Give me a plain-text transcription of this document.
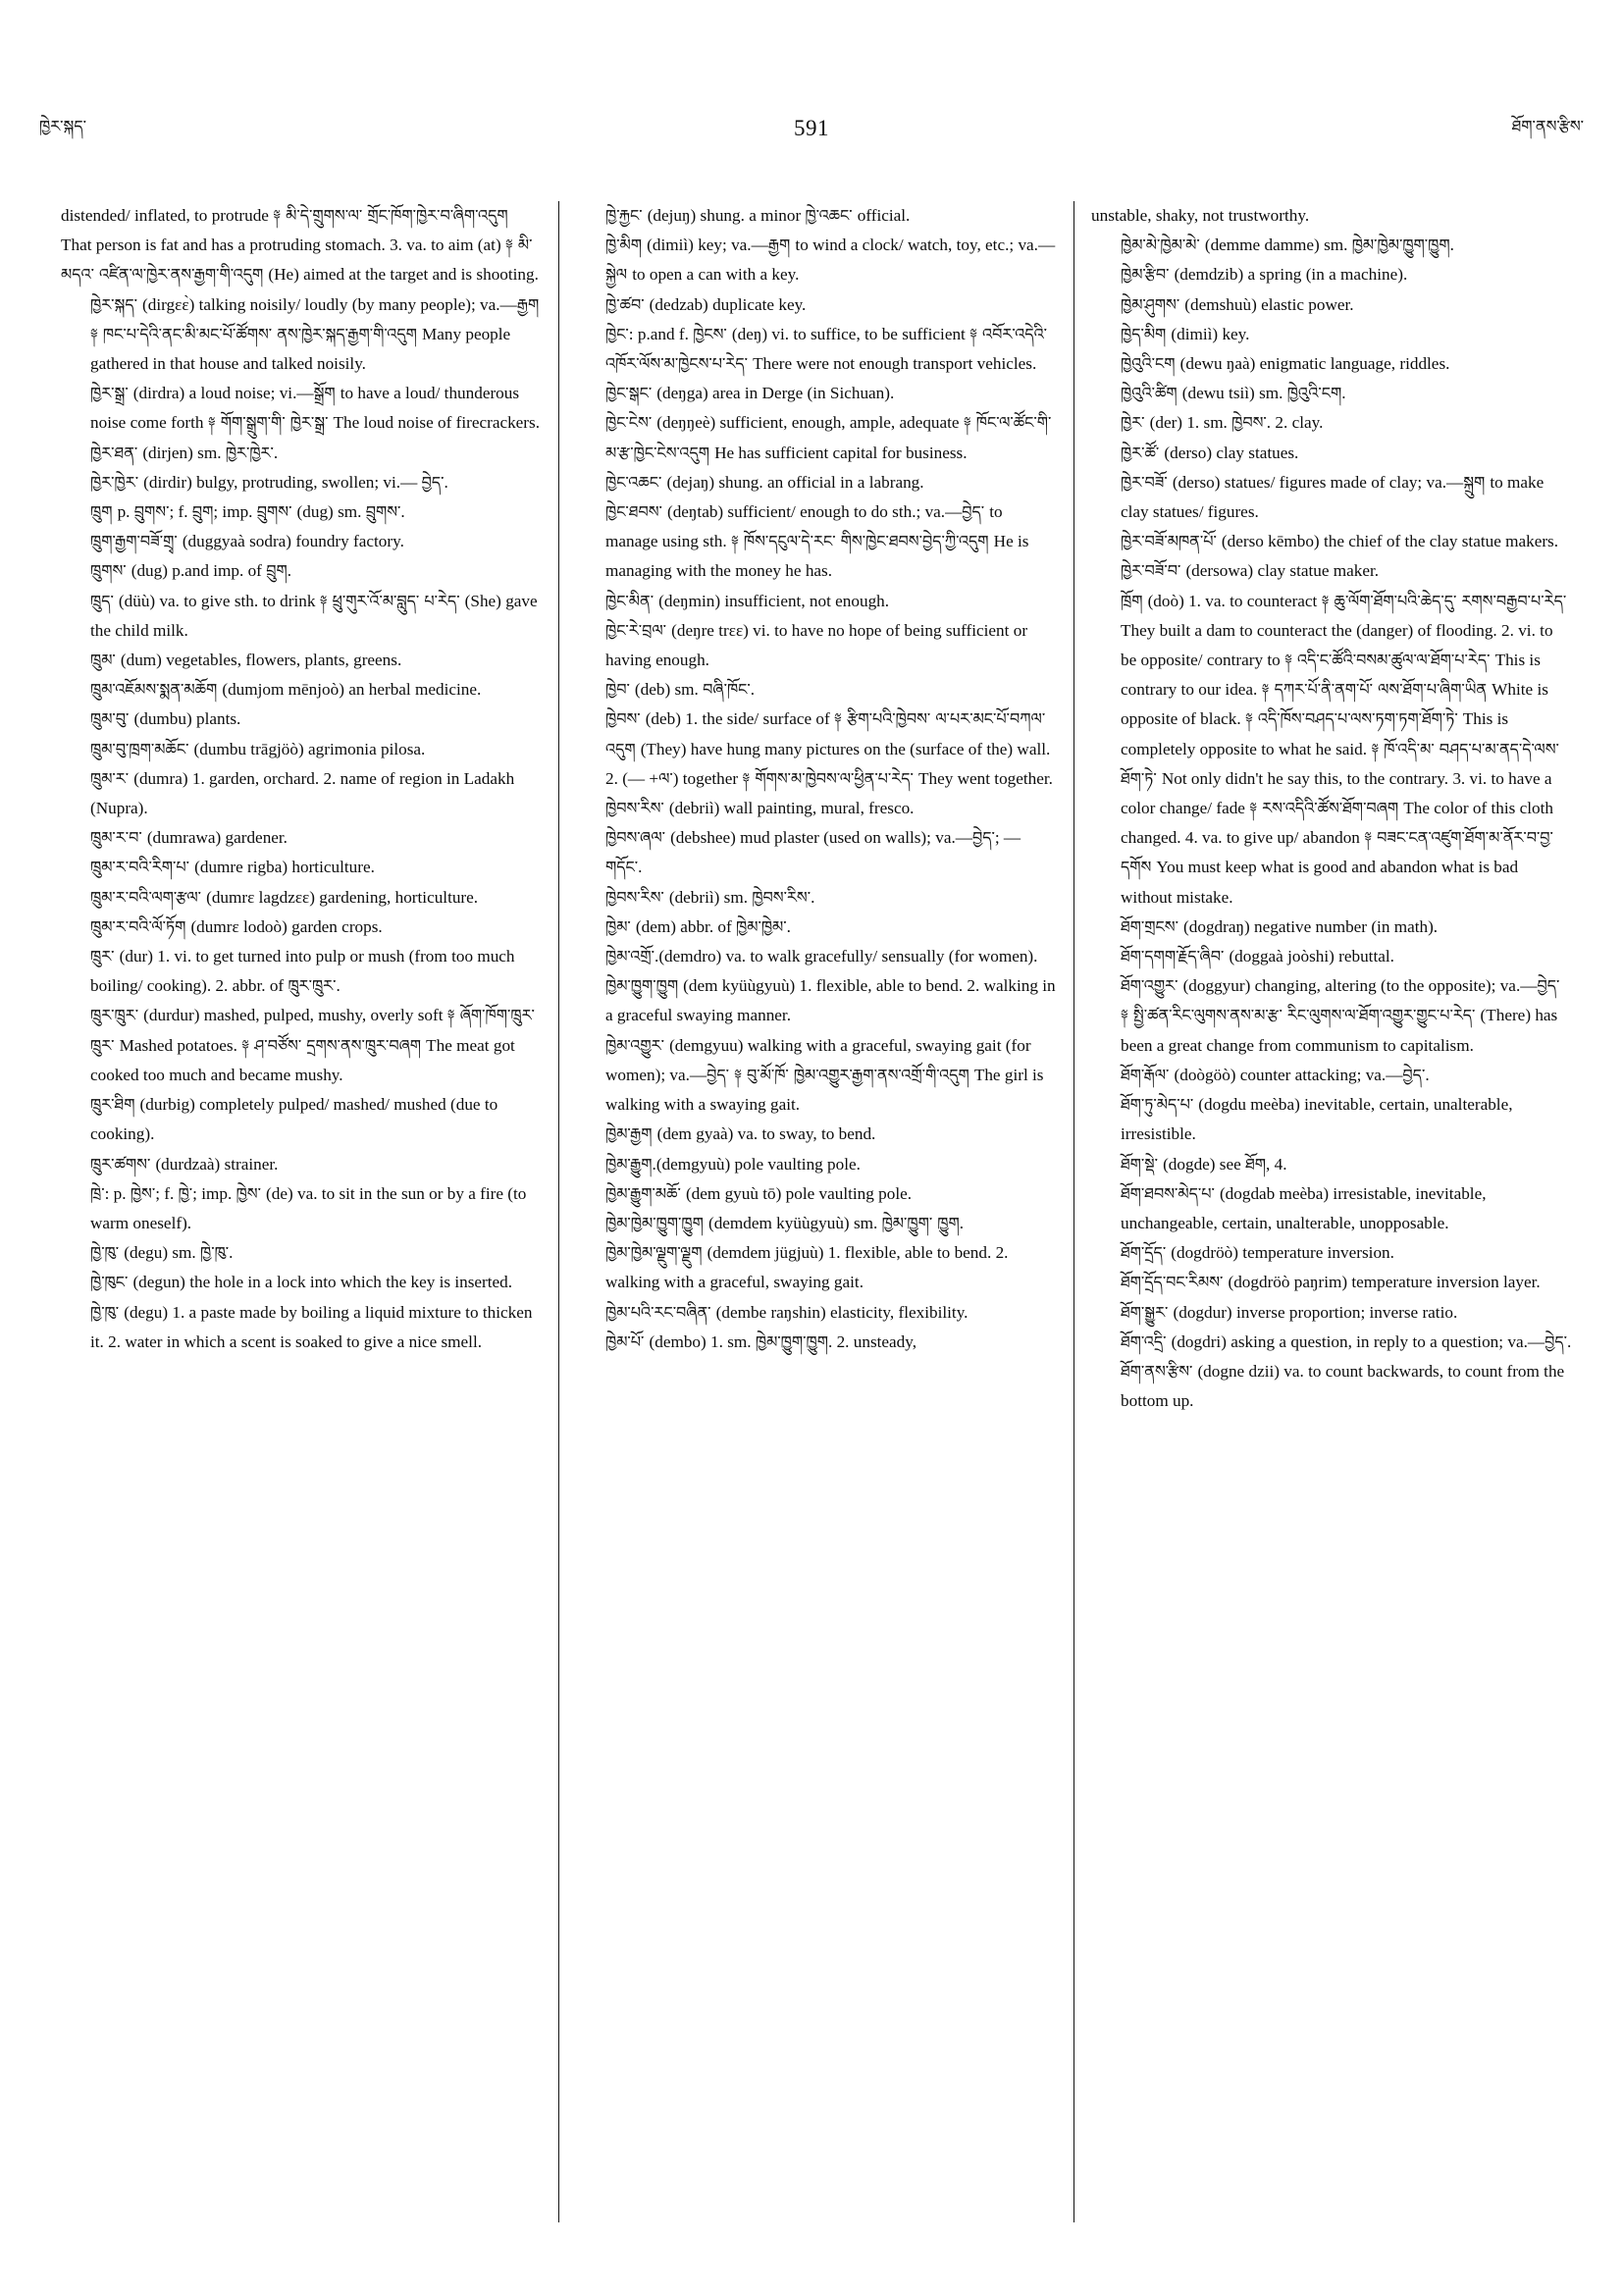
ཁྱེར་སྐད་	591	ཐོག་ནས་རྩིས་
distended/ inflated, to protrude ༈ མི་དེ་གྲུགས་ལ་ གྲོང་ཁོག་ཁྱེར་བ་ཞིག་འདུག That person is fat and has a protruding stomach. 3. va. to aim (at) ༈ མི་མདའ་ འཛིན་ལ་ཁྱེར་ནས་རྒྱག་གི་འདུག (He) aimed at the target and is shooting.
ཁྱེར་སྐད་ (dirgɛɛ̀) talking noisily/ loudly (by many people); va.—རྒྱག ༈ ཁང་པ་དེའི་ནང་མི་མང་པོ་ཚོགས་ ནས་ཁྱེར་སྐད་རྒྱག་གི་འདུག Many people gathered in that house and talked noisily.
ཁྱེར་སྒྲ་ (dirdra) a loud noise; vi.—སྒྲོག to have a loud/ thunderous noise come forth ༈ གོག་སྒྲུག་གི་ ཁྱེར་སྒྲ་ The loud noise of firecrackers.
ཁྱེར་ཐན་ (dirjen) sm. ཁྱེར་ཁྱེར་.
ཁྱེར་ཁྱེར་ (dirdir) bulgy, protruding, swollen; vi.— བྱེད་.
ཁྲུག p. བྲུགས་; f. བྲུག; imp. བྲུགས་ (dug) sm. བྲུགས་.
ཁྲུག་རྒྱག་བཟོ་གྲྭ་ (duggyaà sodra) foundry factory.
ཁྲུགས་ (dug) p.and imp. of བྲུག.
ཁྲུད་ (düù) va. to give sth. to drink ༈ ཕྲུ་གུར་འོ་མ་བླུད་ པ་རེད་ (She) gave the child milk.
ཁྲུམ་ (dum) vegetables, flowers, plants, greens.
ཁྲུམ་འཇོམས་སྨན་མཆོག (dumjom mēnjoò) an herbal medicine.
ཁྲུམ་བུ་ (dumbu) plants.
ཁྲུམ་བུ་ཁྲག་མཆོང་ (dumbu trāgjöò) agrimonia pilosa.
ཁྲུམ་ར་ (dumra) 1. garden, orchard. 2. name of region in Ladakh (Nupra).
ཁྲུམ་ར་བ་ (dumrawa) gardener.
ཁྲུམ་ར་བའི་རིག་པ་ (dumre rigba) horticulture.
ཁྲུམ་ར་བའི་ལག་རྩལ་ (dumrɛ lagdzɛɛ) gardening, horticulture.
ཁྲུམ་ར་བའི་ལོ་ཏོག (dumrɛ lodoò) garden crops.
ཁྲུར་ (dur) 1. vi. to get turned into pulp or mush (from too much boiling/ cooking). 2. abbr. of ཁྲུར་ཁྲུར་.
ཁྲུར་ཁྲུར་ (durdur) mashed, pulped, mushy, overly soft ༈ ཞོག་ཁོག་ཁྲུར་ཁྲུར་ Mashed potatoes. ༈ ཤ་བཙོས་ དྲགས་ནས་ཁྲུར་བཞག The meat got cooked too much and became mushy.
ཁྲུར་ཐིག (durbig) completely pulped/ mashed/ mushed (due to cooking).
ཁྲུར་ཚགས་ (durdzaà) strainer.
ཁྲེ་: p. ཁྱེས་; f. ཁྱེ་; imp. ཁྱེས་ (de) va. to sit in the sun or by a fire (to warm oneself).
ཁྱེ་ཁུ་ (degu) sm. ཁྱེ་ཁུ་.
ཁྱེ་ཁུང་ (degun) the hole in a lock into which the key is inserted.
ཁྱེ་ཁུ་ (degu) 1. a paste made by boiling a liquid mixture to thicken it. 2. water in which a scent is soaked to give a nice smell.
ཁྱེ་རྐྱང་ (dejuŋ) shung. a minor ཁྱེ་འཆང་ official.
ཁྱེ་མིག (dimiì) key; va.—རྒྱག to wind a clock/ watch, toy, etc.; va.—སྐྱེལ to open a can with a key.
ཁྱེ་ཚབ་ (dedzab) duplicate key.
ཁྱེང་: p.and f. ཁྱེངས་ (deŋ) vi. to suffice, to be sufficient ༈ འབོར་འདེའི་འཁོར་ལོས་མ་ཁྱེངས་པ་རེད་ There were not enough transport vehicles.
ཁྱེང་སྒང་ (deŋga) area in Derge (in Sichuan).
ཁྱེང་ངེས་ (deŋŋeè) sufficient, enough, ample, adequate ༈ ཁོང་ལ་ཚོང་གི་མ་རྩ་ཁྱེང་ངེས་འདུག He has sufficient capital for business.
ཁྱེང་འཆང་ (dejaŋ) shung. an official in a labrang.
ཁྱེང་ཐབས་ (deŋtab) sufficient/ enough to do sth.; va.—བྱེད་ to manage using sth. ༈ ཁོས་དངུལ་དེ་རང་ གིས་ཁྱེང་ཐབས་བྱེད་ཀྱི་འདུག He is managing with the money he has.
ཁྱེང་མིན་ (deŋmin) insufficient, not enough.
ཁྱེང་རེ་བྲལ་ (deŋre trɛɛ) vi. to have no hope of being sufficient or having enough.
ཁྱེབ་ (deb) sm. བཞི་ཁོང་.
ཁྱེབས་ (deb) 1. the side/ surface of ༈ རྩིག་པའི་ཁྱེབས་ ལ་པར་མང་པོ་བཀལ་འདུག (They) have hung many pictures on the (surface of the) wall. 2. (— +ལ་) together ༈ གོགས་མ་ཁྱེབས་ལ་ཕྱིན་པ་རེད་ They went together.
ཁྱེབས་རིས་ (debriì) wall painting, mural, fresco.
ཁྱེབས་ཞལ་ (debshee) mud plaster (used on walls); va.—བྱེད་; —གདོང་.
ཁྱེབས་རིས་ (debriì) sm. ཁྱེབས་རིས་.
ཁྱེམ་ (dem) abbr. of ཁྱེམ་ཁྱེམ་.
ཁྱེམ་འགྲོ་.(demdro) va. to walk gracefully/ sensually (for women).
ཁྱེམ་ཁྱུག་ཁྱུག (dem kyüùgyuù) 1. flexible, able to bend. 2. walking in a graceful swaying manner.
ཁྱེམ་འགྱུར་ (demgyuu) walking with a graceful, swaying gait (for women); va.—བྱེད་ ༈ བུ་མོ་ཁོ་ ཁྱེམ་འགྱུར་རྒྱག་ནས་འགྲོ་གི་འདུག The girl is walking with a swaying gait.
ཁྱེམ་རྒྱག (dem gyaà) va. to sway, to bend.
ཁྱེམ་རྒྱུག.(demgyuù) pole vaulting pole.
ཁྱེམ་རྒྱུག་མཆོ་ (dem gyuù tō) pole vaulting pole.
ཁྱེམ་ཁྱེམ་ཁྱུག་ཁྱུག (demdem kyüùgyuù) sm. ཁྱེམ་ཁྱུག་ ཁྱུག.
ཁྱེམ་ཁྱེམ་ལྗུག་ལྗུག (demdem jügjuù) 1. flexible, able to bend. 2. walking with a graceful, swaying gait.
ཁྱེམ་པའི་རང་བཞིན་ (dembe raŋshin) elasticity, flexibility.
ཁྱེམ་པོ་ (dembo) 1. sm. ཁྱེམ་ཁྱུག་ཁྱུག. 2. unsteady,
unstable, shaky, not trustworthy.
ཁྱེམ་མེ་ཁྱེམ་མེ་ (demme damme) sm. ཁྱེམ་ཁྱེམ་ཁྱུག་ཁྱུག.
ཁྱེམ་རྩིབ་ (demdzib) a spring (in a machine).
ཁྱེམ་ཤུགས་ (demshuù) elastic power.
ཁྱེད་མིག (dimiì) key.
ཁྱེའུའི་ངག (dewu ŋaà) enigmatic language, riddles.
ཁྱེའུའི་ཚིག (dewu tsiì) sm. ཁྱེའུའི་ངག.
ཁྱེར་ (der) 1. sm. ཁྱེབས་. 2. clay.
ཁྱེར་ཚོ་ (derso) clay statues.
ཁྱེར་བཟོ་ (derso) statues/ figures made of clay; va.—སྐྲུག to make clay statues/ figures.
ཁྱེར་བཟོ་མཁན་པོ་ (derso kēmbo) the chief of the clay statue makers.
ཁྱེར་བཟོ་བ་ (dersowa) clay statue maker.
ཁྲོག (doò) 1. va. to counteract ༈ ཆུ་ལོག་ཐོག་པའི་ཆེད་དུ་ རགས་བརྒྱབ་པ་རེད་ They built a dam to counteract the (danger) of flooding. 2. vi. to be opposite/ contrary to ༈ འདི་ང་ཚོའི་བསམ་ཚུལ་ལ་ཐོག་པ་རེད་ This is contrary to our idea. ༈ དཀར་པོ་ནི་ནག་པོ་ ལས་ཐོག་པ་ཞིག་ཡིན White is opposite of black. ༈ འདི་ཁོས་བཤད་པ་ལས་ཏག་ཏག་ཐོག་ཏེ་ This is completely opposite to what he said. ༈ ཁོ་འདི་མ་ བཤད་པ་མ་ནད་དེ་ལས་ཐོག་ཏེ་ Not only didn't he say this, to the contrary. 3. vi. to have a color change/ fade ༈ རས་འདིའི་ཚོས་ཐོག་བཞག The color of this cloth changed. 4. va. to give up/ abandon ༈ བཟང་ངན་འཛུག་ཐོག་མ་ནོར་བ་བྱ་དགོས You must keep what is good and abandon what is bad without mistake.
ཐོག་གྲངས་ (dogdraŋ) negative number (in math).
ཐོག་དགག་རྗོད་ཞིབ་ (doggaà joòshi) rebuttal.
ཐོག་འགྱུར་ (doggyur) changing, altering (to the opposite); va.—བྱེད་ ༈ སྤྱི་ཚན་རིང་ལུགས་ནས་མ་རྩ་ རིང་ལུགས་ལ་ཐོག་འགྱུར་གྱུང་པ་རེད་ (There) has been a great change from communism to capitalism.
ཐོག་རྒོལ་ (doògöò) counter attacking; va.—བྱེད་.
ཐོག་ཏུ་མེད་པ་ (dogdu meèba) inevitable, certain, unalterable, irresistible.
ཐོག་སྡེ་ (dogde) see ཐོག, 4.
ཐོག་ཐབས་མེད་པ་ (dogdab meèba) irresistable, inevitable, unchangeable, certain, unalterable, unopposable.
ཐོག་དྲོད་ (dogdröò) temperature inversion.
ཐོག་དྲོད་བང་རིམས་ (dogdröò paŋrim) temperature inversion layer.
ཐོག་སྒྱུར་ (dogdur) inverse proportion; inverse ratio.
ཐོག་འདྲི་ (dogdri) asking a question, in reply to a question; va.—བྱེད་.
ཐོག་ནས་རྩིས་ (dogne dzii) va. to count backwards, to count from the bottom up.
